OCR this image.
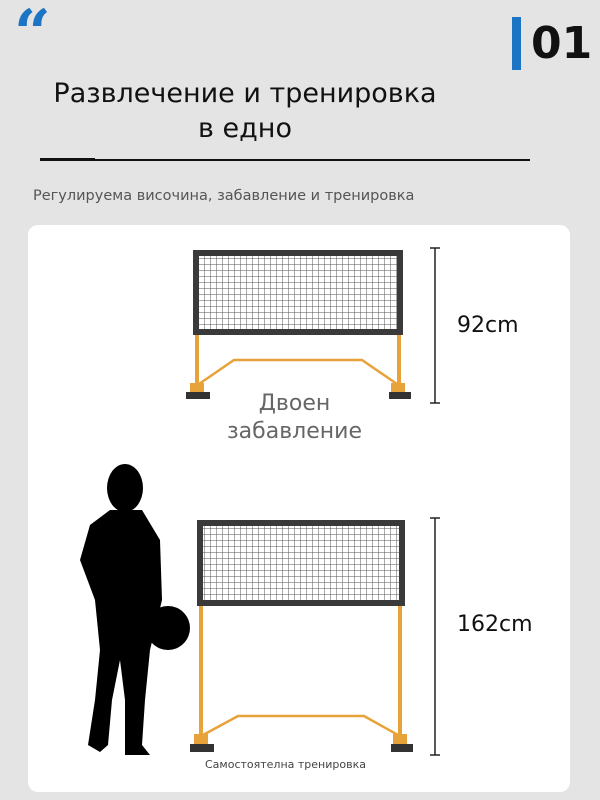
“	01
Развлечение и тренировка
в едно
Регулируема височина, забавление и тренировка
92cm
Двоен
забавление
162cm
Самостоятелна тренировка
